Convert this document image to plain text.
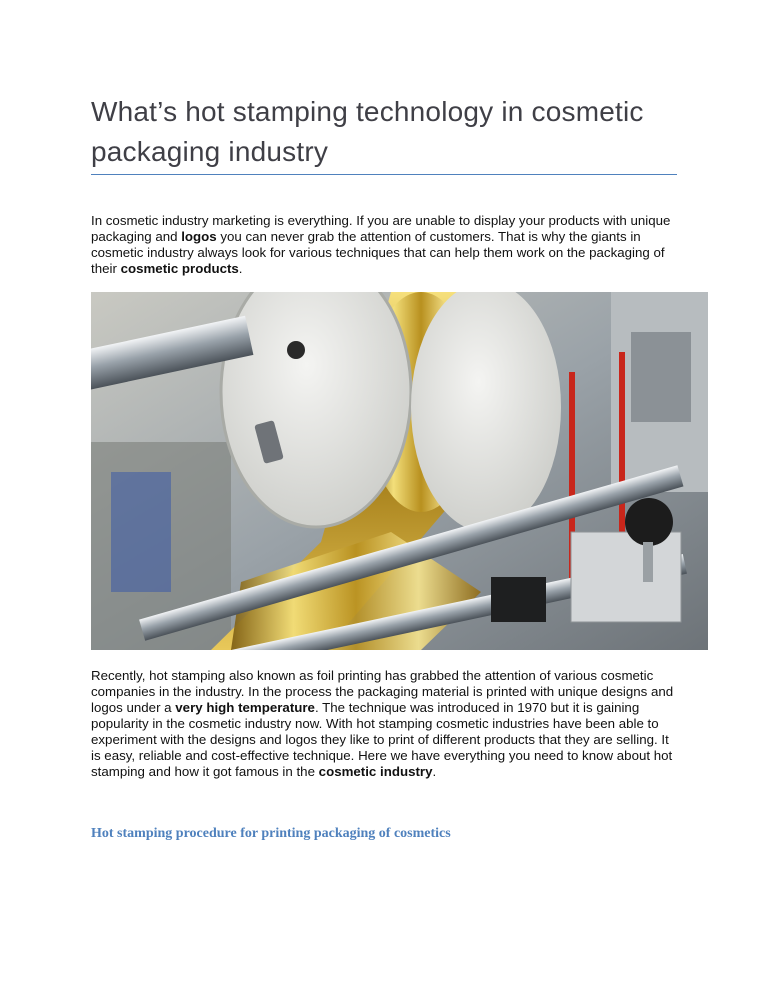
What’s hot stamping technology in cosmetic packaging industry

In cosmetic industry marketing is everything. If you are unable to display your products with unique packaging and logos you can never grab the attention of customers. That is why the giants in cosmetic industry always look for various techniques that can help them work on the packaging of their cosmetic products.

Recently, hot stamping also known as foil printing has grabbed the attention of various cosmetic companies in the industry. In the process the packaging material is printed with unique designs and logos under a very high temperature. The technique was introduced in 1970 but it is gaining popularity in the cosmetic industry now. With hot stamping cosmetic industries have been able to experiment with the designs and logos they like to print of different products that they are selling. It is easy, reliable and cost-effective technique. Here we have everything you need to know about hot stamping and how it got famous in the cosmetic industry.

Hot stamping procedure for printing packaging of cosmetics
